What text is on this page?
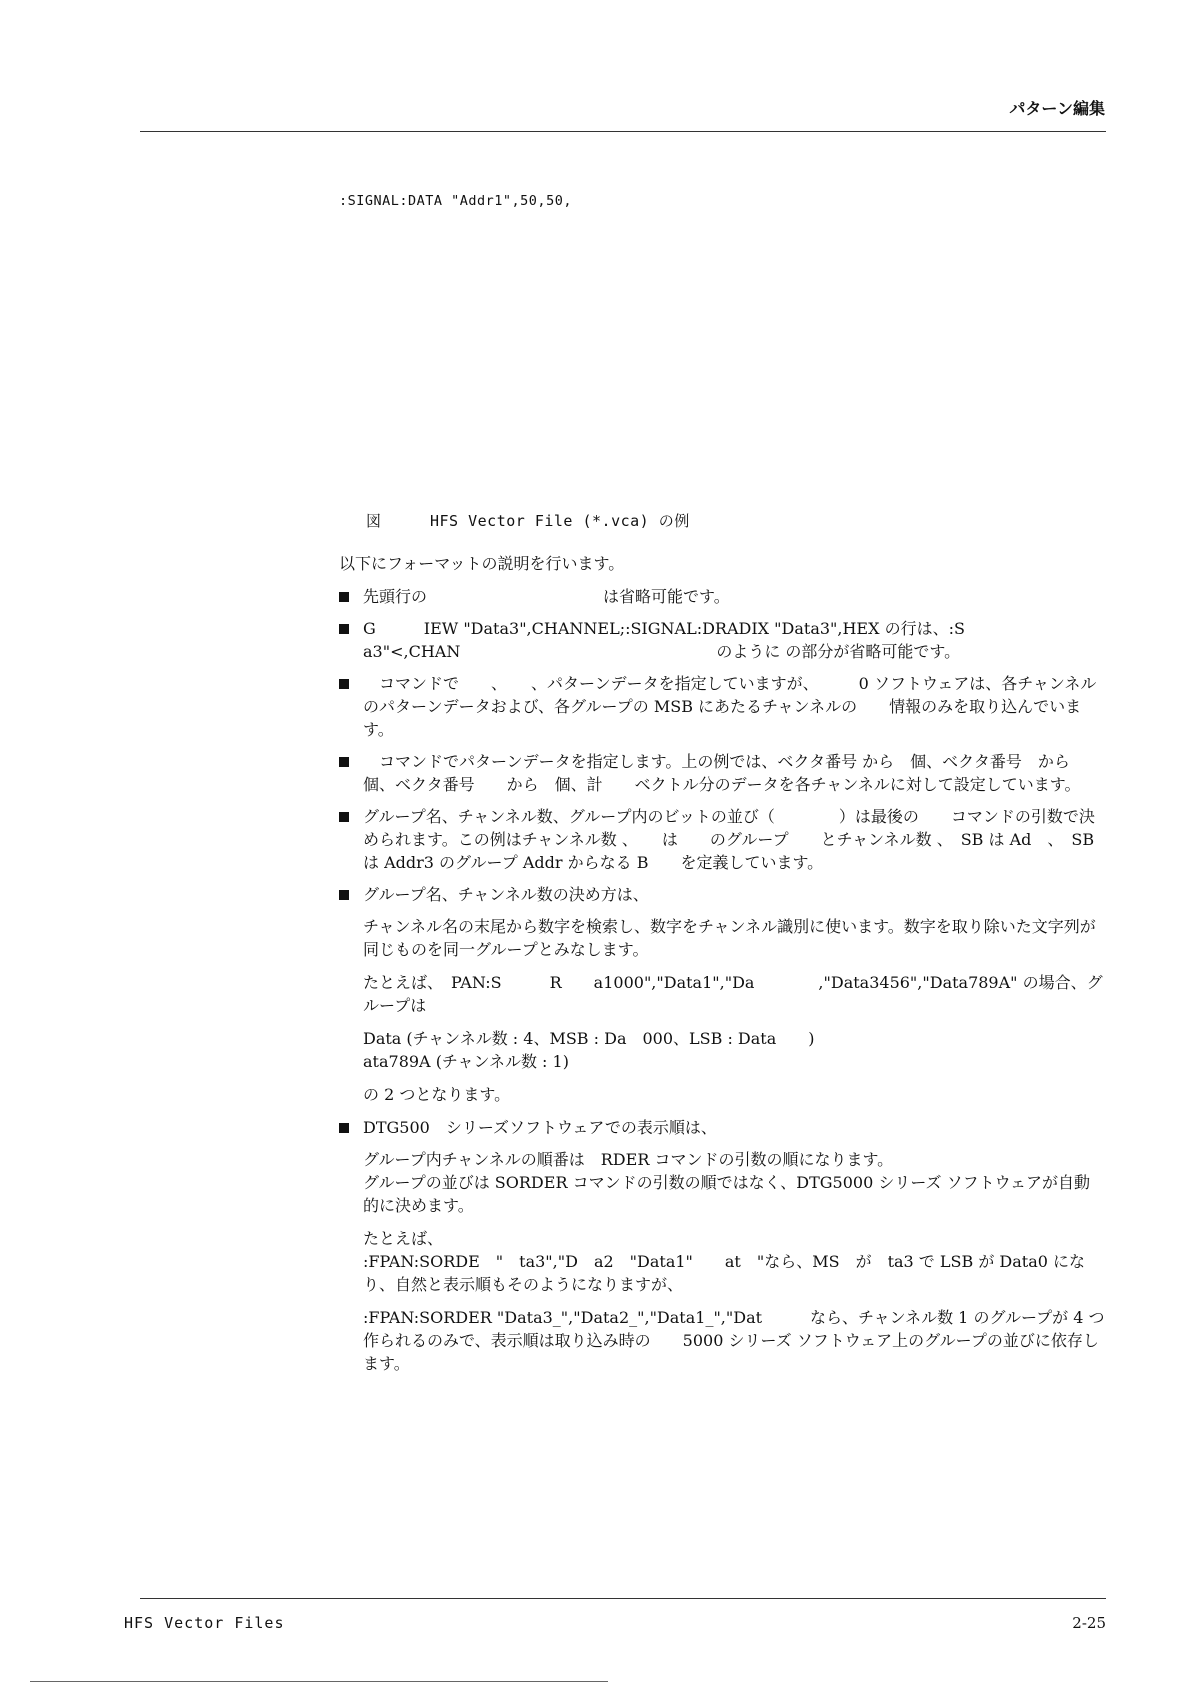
パターン編集
:SIGNAL:DATA "Addr1",50,50,
図	HFS Vector File (*.vca) の例

以下にフォーマットの説明を行います。

先頭行の　　　　　　　　　　　は省略可能です。
G　　　IEW "Data3",CHANNEL;:SIGNAL:DRADIX "Data3",HEX の行は、:S　　　　　　　　a3"<,CHAN　　　　　　　　　　　　　　　　のように の部分が省略可能です。
　コマンドで　　、　　、パターンデータを指定していますが、　　　0 ソフトウェアは、各チャンネルのパターンデータおよび、各グループの MSB にあたるチャンネルの　　情報のみを取り込んでいます。
　コマンドでパターンデータを指定します。上の例では、ベクタ番号 から　個、ベクタ番号　から　個、ベクタ番号　　から　個、計　　ベクトル分のデータを各チャンネルに対して設定しています。
グループ名、チャンネル数、グループ内のビットの並び（　　　　）は最後の　　コマンドの引数で決められます。この例はチャンネル数 、　　は　　のグループ　　とチャンネル数 、　SB は Ad　、　SB は Addr3 のグループ Addr からなる B　　を定義しています。
グループ名、チャンネル数の決め方は、

チャンネル名の末尾から数字を検索し、数字をチャンネル識別に使います。数字を取り除いた文字列が同じものを同一グループとみなします。

たとえば、　PAN:S　　　R　　a1000","Data1","Da　　　　,"Data3456","Data789A" の場合、グループは

Data (チャンネル数 : 4、MSB : Da　000、LSB : Data　　)
ata789A (チャンネル数 : 1)

の 2 つとなります。

DTG500　シリーズソフトウェアでの表示順は、
グループ内チャンネルの順番は　RDER コマンドの引数の順になります。
グループの並びは SORDER コマンドの引数の順ではなく、DTG5000 シリーズ ソフトウェアが自動的に決めます。
たとえば、
:FPAN:SORDE　"　ta3","D　a2　"Data1"　　at　"なら、MS　が　ta3 で LSB が Data0 になり、自然と表示順もそのようになりますが、

:FPAN:SORDER "Data3_","Data2_","Data1_","Dat　　　なら、チャンネル数 1 のグループが 4 つ作られるのみで、表示順は取り込み時の　　5000 シリーズ ソフトウェア上のグループの並びに依存します。

HFS Vector Files	2-25
